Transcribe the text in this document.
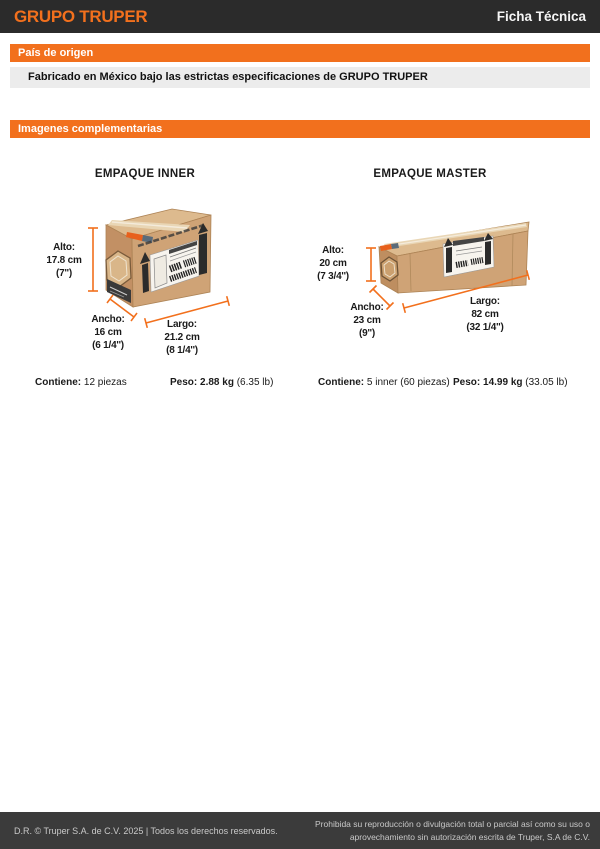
GRUPO TRUPER	Ficha Técnica
País de origen
Fabricado en México bajo las estrictas especificaciones de GRUPO TRUPER
Imagenes complementarias
EMPAQUE INNER
Alto:
17.8 cm
(7'')
Ancho:
16 cm
(6 1/4'')
Largo:
21.2 cm
(8 1/4'')
Contiene: 12 piezas	Peso: 2.88 kg (6.35 lb)
EMPAQUE MASTER
Alto:
20 cm
(7 3/4'')
Ancho:
23 cm
(9'')
Largo:
82 cm
(32 1/4'')
Contiene: 5 inner (60 piezas) Peso: 14.99 kg (33.05 lb)
D.R. © Truper S.A. de C.V. 2025 | Todos los derechos reservados.
Prohibida su reproducción o divulgación total o parcial así como su uso o
aprovechamiento sin autorización escrita de Truper, S.A de C.V.
